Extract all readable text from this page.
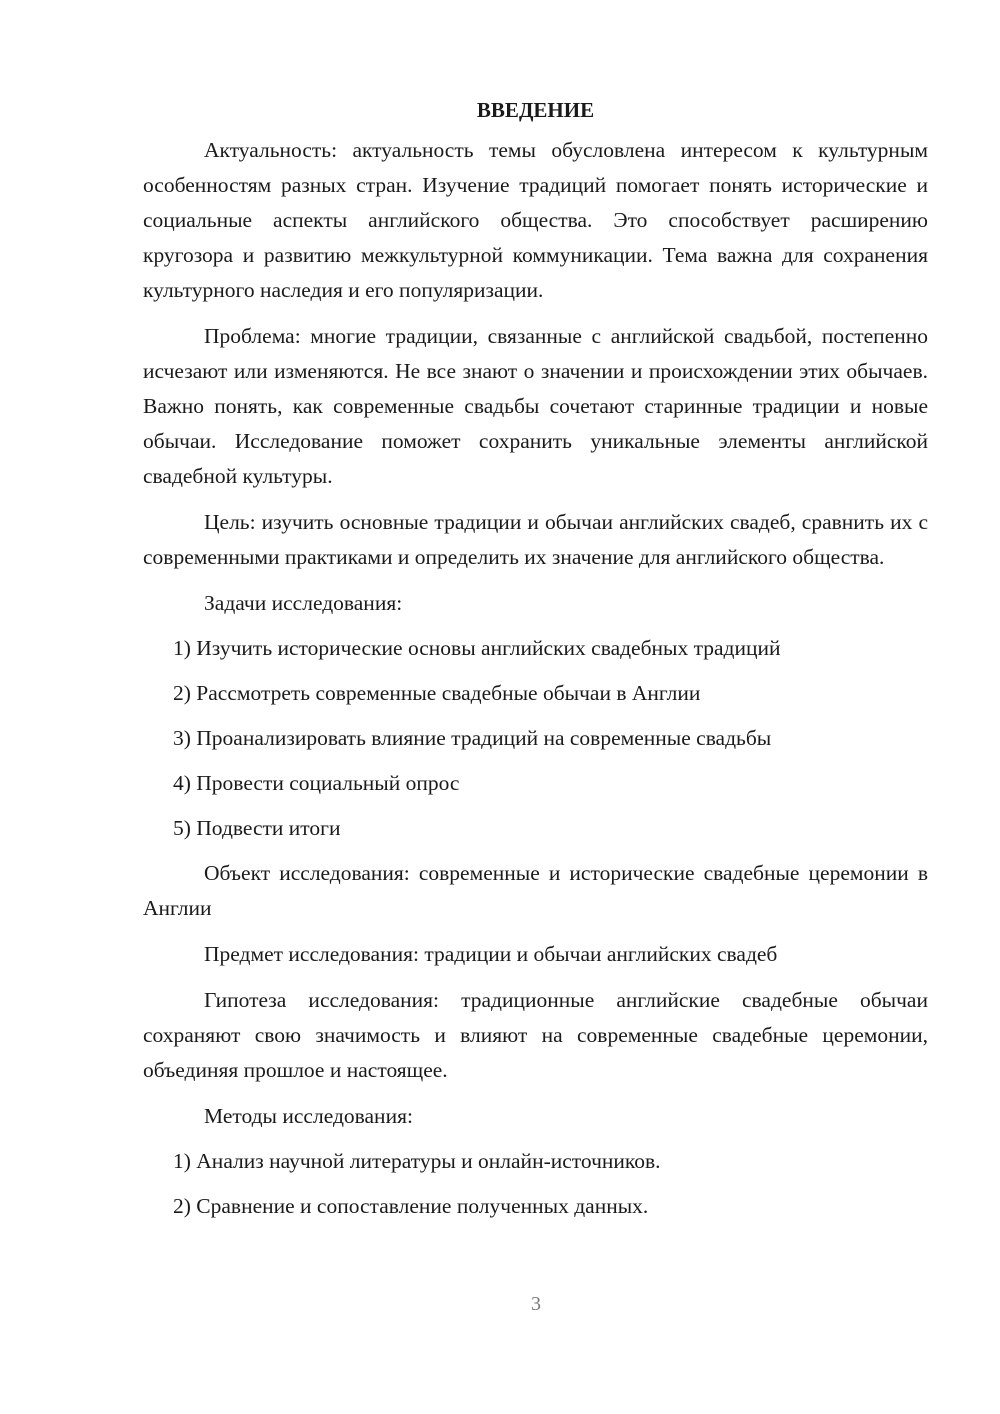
ВВЕДЕНИЕ

Актуальность: актуальность темы обусловлена интересом к культурным особенностям разных стран. Изучение традиций помогает понять исторические и социальные аспекты английского общества. Это способствует расширению кругозора и развитию межкультурной коммуникации. Тема важна для сохранения культурного наследия и его популяризации.

Проблема: многие традиции, связанные с английской свадьбой, постепенно исчезают или изменяются. Не все знают о значении и происхождении этих обычаев. Важно понять, как современные свадьбы сочетают старинные традиции и новые обычаи. Исследование поможет сохранить уникальные элементы английской свадебной культуры.

Цель: изучить основные традиции и обычаи английских свадеб, сравнить их с современными практиками и определить их значение для английского общества.

Задачи исследования:
1) Изучить исторические основы английских свадебных традиций
2) Рассмотреть современные свадебные обычаи в Англии
3) Проанализировать влияние традиций на современные свадьбы
4) Провести социальный опрос
5) Подвести итоги

Объект исследования: современные и исторические свадебные церемонии в Англии

Предмет исследования: традиции и обычаи английских свадеб

Гипотеза исследования: традиционные английские свадебные обычаи сохраняют свою значимость и влияют на современные свадебные церемонии, объединяя прошлое и настоящее.

Методы исследования:
1) Анализ научной литературы и онлайн-источников.
2) Сравнение и сопоставление полученных данных.
3
